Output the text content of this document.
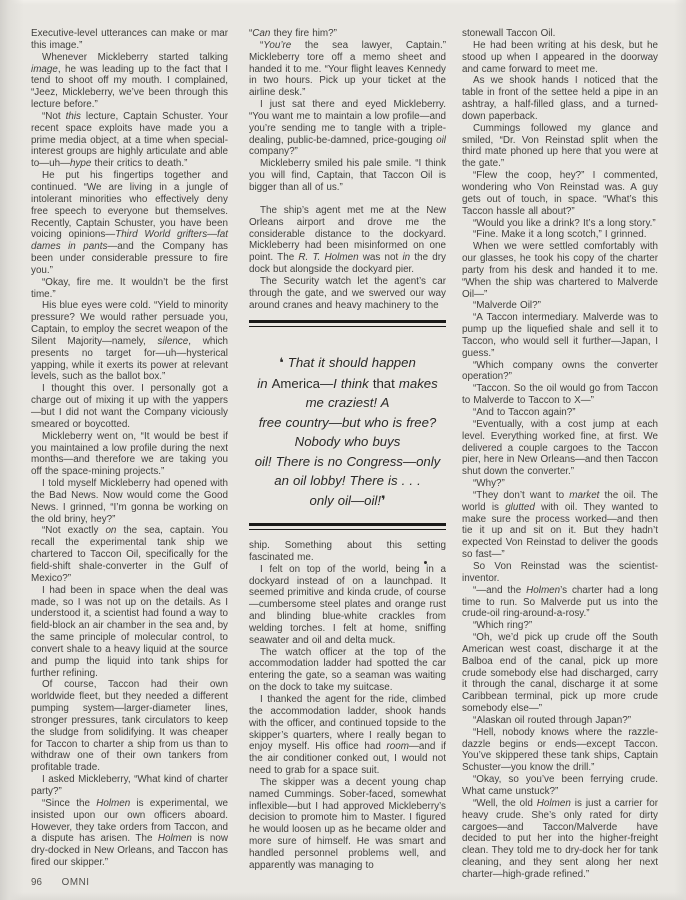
Executive-level utterances can make or mar this image.”

Whenever Mickleberry started talking image, he was leading up to the fact that I tend to shoot off my mouth. I complained, “Jeez, Mickleberry, we’ve been through this lecture before.”

“Not this lecture, Captain Schuster. Your recent space exploits have made you a prime media object, at a time when special-interest groups are highly articulate and able to—uh—hype their critics to death.”

He put his fingertips together and continued. “We are living in a jungle of intolerant minorities who effectively deny free speech to everyone but themselves. Recently, Captain Schuster, you have been voicing opinions—Third World grifters—fat dames in pants—and the Company has been under considerable pressure to fire you.”

“Okay, fire me. It wouldn’t be the first time.”

His blue eyes were cold. “Yield to minority pressure? We would rather persuade you, Captain, to employ the secret weapon of the Silent Majority—namely, silence, which presents no target for—uh—hysterical yapping, while it exerts its power at relevant levels, such as the ballot box.”

I thought this over. I personally got a charge out of mixing it up with the yappers—but I did not want the Company viciously smeared or boycotted.

Mickleberry went on, “It would be best if you maintained a low profile during the next months—and therefore we are taking you off the space-mining projects.”

I told myself Mickleberry had opened with the Bad News. Now would come the Good News. I grinned, “I’m gonna be working on the old briny, hey?”

“Not exactly on the sea, captain. You recall the experimental tank ship we chartered to Taccon Oil, specifically for the field-shift shale-converter in the Gulf of Mexico?”

I had been in space when the deal was made, so I was not up on the details. As I understood it, a scientist had found a way to field-block an air chamber in the sea and, by the same principle of molecular control, to convert shale to a heavy liquid at the source and pump the liquid into tank ships for further refining.

Of course, Taccon had their own worldwide fleet, but they needed a different pumping system—larger-diameter lines, stronger pressures, tank circulators to keep the sludge from solidifying. It was cheaper for Taccon to charter a ship from us than to withdraw one of their own tankers from profitable trade.

I asked Mickleberry, “What kind of charter party?”

“Since the Holmen is experimental, we insisted upon our own officers aboard. However, they take orders from Taccon, and a dispute has arisen. The Holmen is now dry-docked in New Orleans, and Taccon has fired our skipper.”

“Can they fire him?”

“You’re the sea lawyer, Captain.” Mickleberry tore off a memo sheet and handed it to me. “Your flight leaves Kennedy in two hours. Pick up your ticket at the airline desk.”

I just sat there and eyed Mickleberry. “You want me to maintain a low profile—and you’re sending me to tangle with a triple-dealing, public-be-damned, price-gouging oil company?”

Mickleberry smiled his pale smile. “I think you will find, Captain, that Taccon Oil is bigger than all of us.”

The ship’s agent met me at the New Orleans airport and drove me the considerable distance to the dockyard. Mickleberry had been misinformed on one point. The R. T. Holmen was not in the dry dock but alongside the dockyard pier.

The Security watch let the agent’s car through the gate, and we swerved our way around cranes and heavy machinery to the

❛ That it should happen
in America—I think that makes
me craziest! A
free country—but who is free?
Nobody who buys
oil! There is no Congress—only
an oil lobby! There is . . .
only oil—oil!❜

ship. Something about this setting fascinated me.

I felt on top of the world, being in a dockyard instead of on a launchpad. It seemed primitive and kinda crude, of course—cumbersome steel plates and orange rust and blinding blue-white crackles from welding torches. I felt at home, sniffing seawater and oil and delta muck.

The watch officer at the top of the accommodation ladder had spotted the car entering the gate, so a seaman was waiting on the dock to take my suitcase.

I thanked the agent for the ride, climbed the accommodation ladder, shook hands with the officer, and continued topside to the skipper’s quarters, where I really began to enjoy myself. His office had room—and if the air conditioner conked out, I would not need to grab for a space suit.

The skipper was a decent young chap named Cummings. Sober-faced, somewhat inflexible—but I had approved Mickleberry’s decision to promote him to Master. I figured he would loosen up as he became older and more sure of himself. He was smart and handled personnel problems well, and apparently was managing to

stonewall Taccon Oil.

He had been writing at his desk, but he stood up when I appeared in the doorway and came forward to meet me.

As we shook hands I noticed that the table in front of the settee held a pipe in an ashtray, a half-filled glass, and a turned-down paperback.

Cummings followed my glance and smiled, “Dr. Von Reinstad split when the third mate phoned up here that you were at the gate.”

“Flew the coop, hey?” I commented, wondering who Von Reinstad was. A guy gets out of touch, in space. “What’s this Taccon hassle all about?”

“Would you like a drink? It’s a long story.”

“Fine. Make it a long scotch,” I grinned.

When we were settled comfortably with our glasses, he took his copy of the charter party from his desk and handed it to me. “When the ship was chartered to Malverde Oil—”

“Malverde Oil?”

“A Taccon intermediary. Malverde was to pump up the liquefied shale and sell it to Taccon, who would sell it further—Japan, I guess.”

“Which company owns the converter operation?”

“Taccon. So the oil would go from Taccon to Malverde to Taccon to X—”

“And to Taccon again?”

“Eventually, with a cost jump at each level. Everything worked fine, at first. We delivered a couple cargoes to the Taccon pier, here in New Orleans—and then Taccon shut down the converter.”

“Why?”

“They don’t want to market the oil. The world is glutted with oil. They wanted to make sure the process worked—and then tie it up and sit on it. But they hadn’t expected Von Reinstad to deliver the goods so fast—”

So Von Reinstad was the scientist-inventor.

“—and the Holmen’s charter had a long time to run. So Malverde put us into the crude-oil ring-around-a-rosy.”

“Which ring?”

“Oh, we’d pick up crude off the South American west coast, discharge it at the Balboa end of the canal, pick up more crude somebody else had discharged, carry it through the canal, discharge it at some Caribbean terminal, pick up more crude somebody else—”

“Alaskan oil routed through Japan?”

“Hell, nobody knows where the razzle-dazzle begins or ends—except Taccon. You’ve skippered these tank ships, Captain Schuster—you know the drill.”

“Okay, so you’ve been ferrying crude. What came unstuck?”

“Well, the old Holmen is just a carrier for heavy crude. She’s only rated for dirty cargoes—and Taccon/Malverde have decided to put her into the higher-freight clean. They told me to dry-dock her for tank cleaning, and they sent along her next charter—high-grade refined.”

96 OMNI
